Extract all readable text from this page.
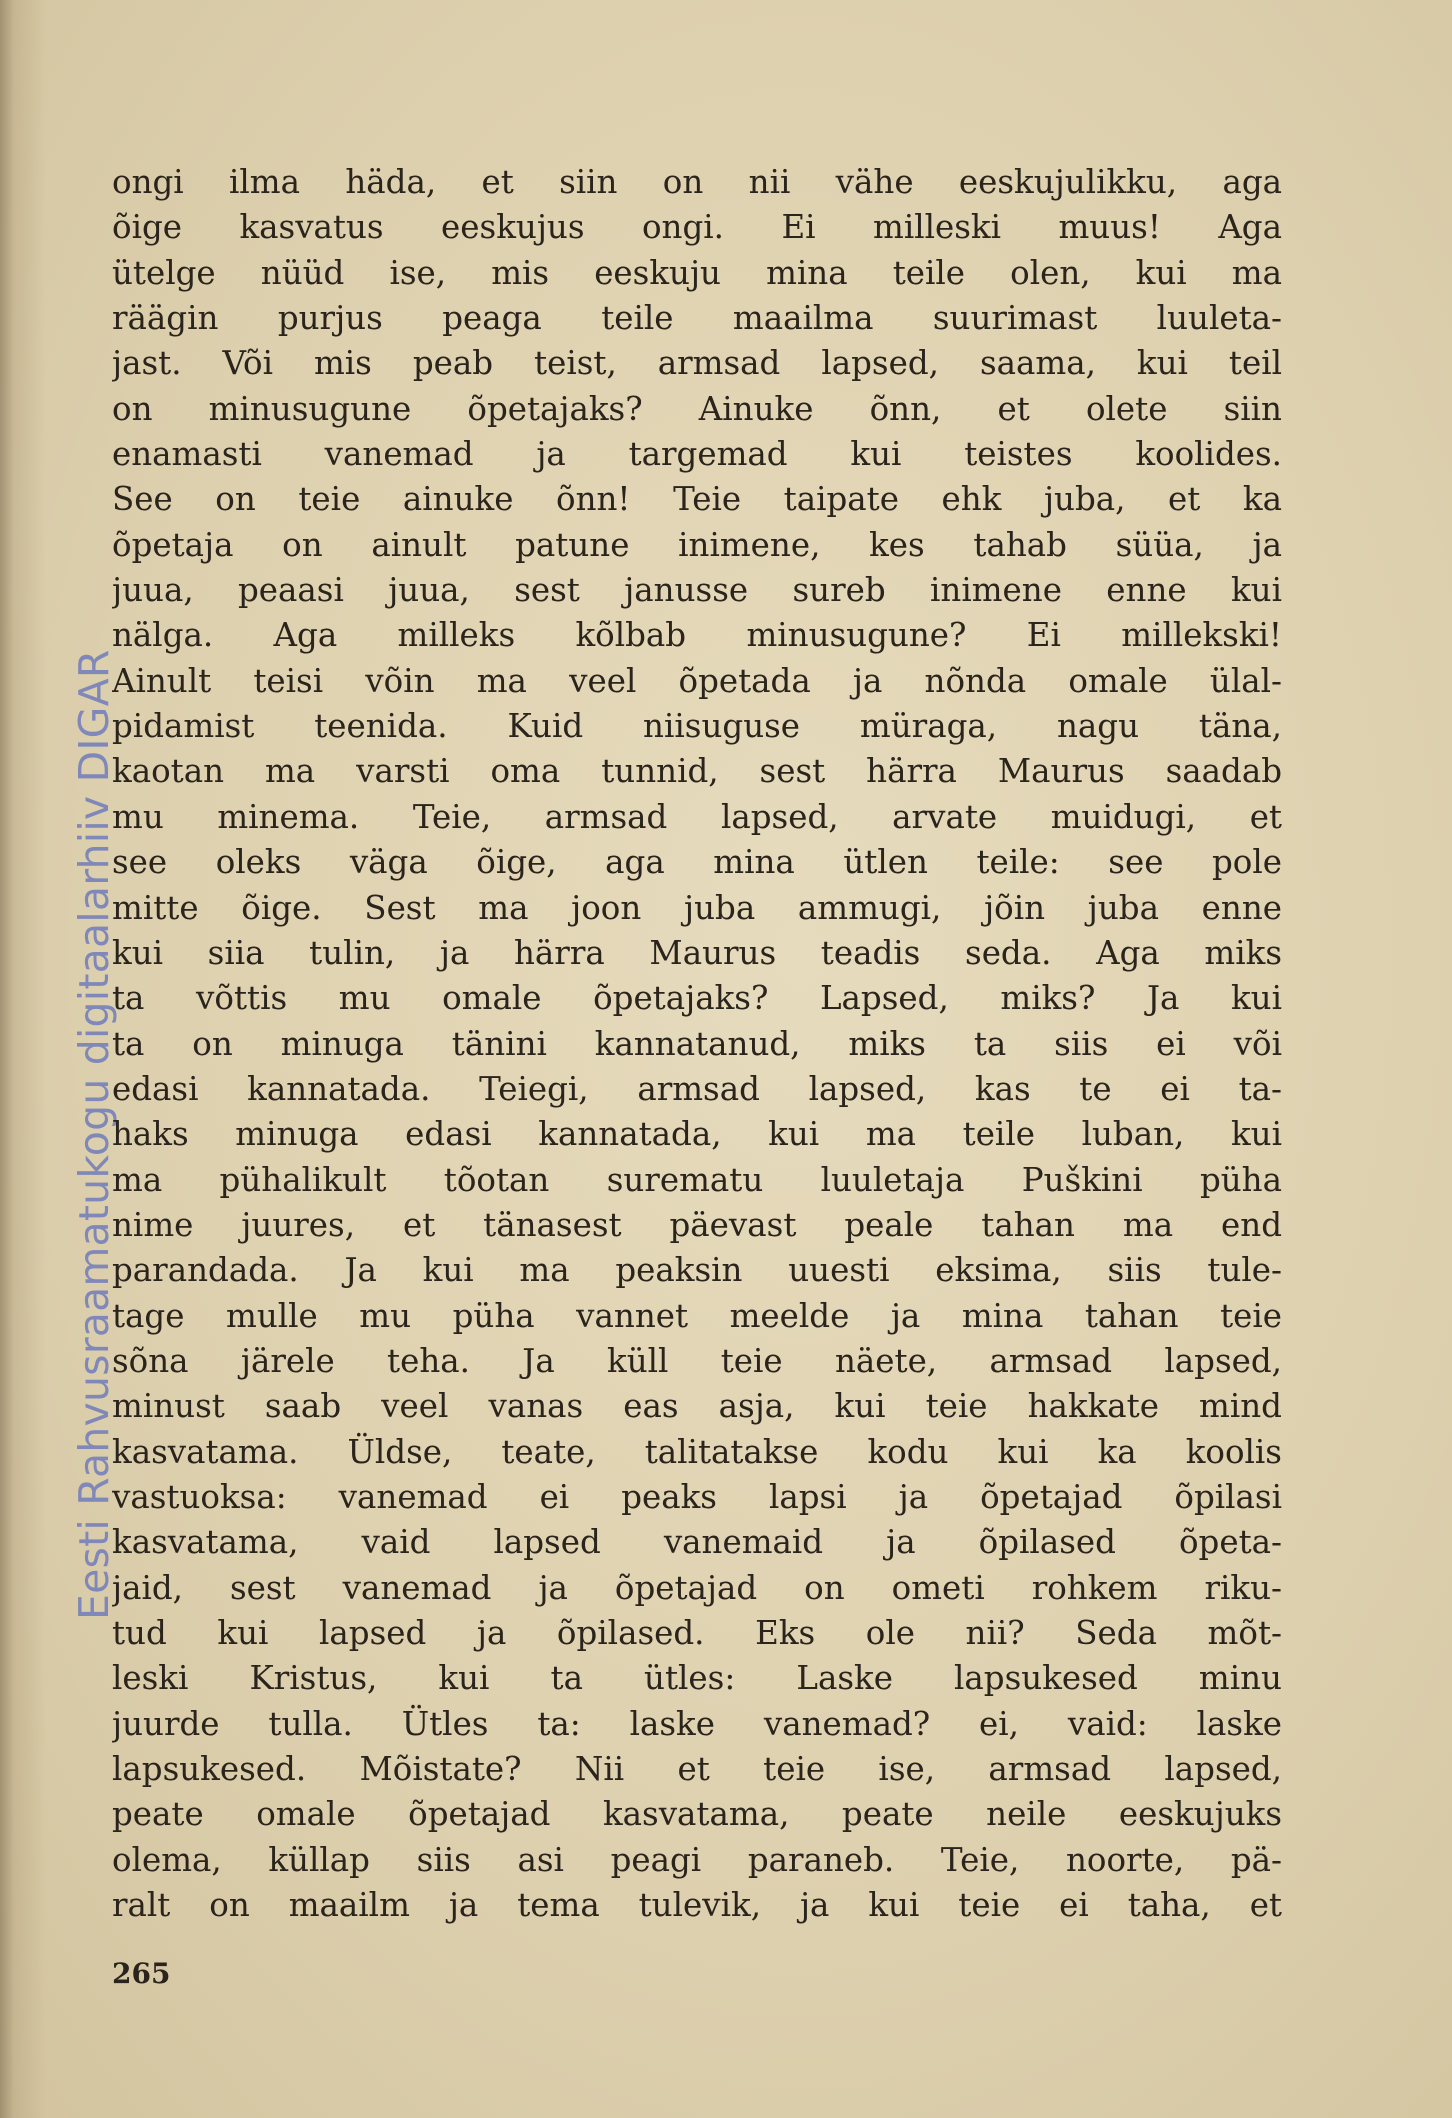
Eesti Rahvusraamatukogu digitaalarhiiv DIGAR
ongi ilma häda, et siin on nii vähe eeskujulikku, aga
õige kasvatus eeskujus ongi. Ei milleski muus! Aga
ütelge nüüd ise, mis eeskuju mina teile olen, kui ma
räägin purjus peaga teile maailma suurimast luuleta-
jast. Või mis peab teist, armsad lapsed, saama, kui teil
on minusugune õpetajaks? Ainuke õnn, et olete siin
enamasti vanemad ja targemad kui teistes koolides.
See on teie ainuke õnn! Teie taipate ehk juba, et ka
õpetaja on ainult patune inimene, kes tahab süüa, ja
juua, peaasi juua, sest janusse sureb inimene enne kui
nälga. Aga milleks kõlbab minusugune? Ei millekski!
Ainult teisi võin ma veel õpetada ja nõnda omale ülal-
pidamist teenida. Kuid niisuguse müraga, nagu täna,
kaotan ma varsti oma tunnid, sest härra Maurus saadab
mu minema. Teie, armsad lapsed, arvate muidugi, et
see oleks väga õige, aga mina ütlen teile: see pole
mitte õige. Sest ma joon juba ammugi, jõin juba enne
kui siia tulin, ja härra Maurus teadis seda. Aga miks
ta võttis mu omale õpetajaks? Lapsed, miks? Ja kui
ta on minuga tänini kannatanud, miks ta siis ei või
edasi kannatada. Teiegi, armsad lapsed, kas te ei ta-
haks minuga edasi kannatada, kui ma teile luban, kui
ma pühalikult tõotan surematu luuletaja Puškini püha
nime juures, et tänasest päevast peale tahan ma end
parandada. Ja kui ma peaksin uuesti eksima, siis tule-
tage mulle mu püha vannet meelde ja mina tahan teie
sõna järele teha. Ja küll teie näete, armsad lapsed,
minust saab veel vanas eas asja, kui teie hakkate mind
kasvatama. Üldse, teate, talitatakse kodu kui ka koolis
vastuoksa: vanemad ei peaks lapsi ja õpetajad õpilasi
kasvatama, vaid lapsed vanemaid ja õpilased õpeta-
jaid, sest vanemad ja õpetajad on ometi rohkem riku-
tud kui lapsed ja õpilased. Eks ole nii? Seda mõt-
leski Kristus, kui ta ütles: Laske lapsukesed minu
juurde tulla. Ütles ta: laske vanemad? ei, vaid: laske
lapsukesed. Mõistate? Nii et teie ise, armsad lapsed,
peate omale õpetajad kasvatama, peate neile eeskujuks
olema, küllap siis asi peagi paraneb. Teie, noorte, pä-
ralt on maailm ja tema tulevik, ja kui teie ei taha, et
265
